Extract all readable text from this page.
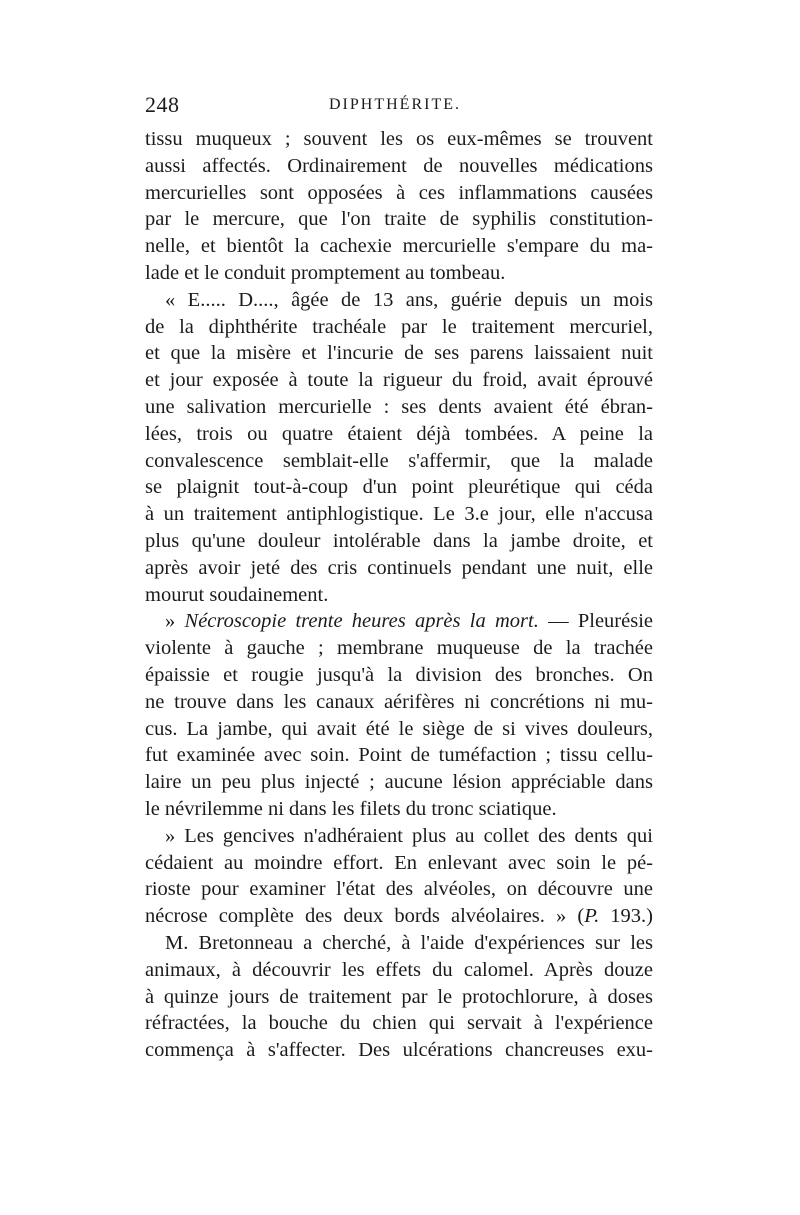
248	DIPHTHÉRITE.
tissu muqueux ; souvent les os eux-mêmes se trouvent
aussi affectés. Ordinairement de nouvelles médications
mercurielles sont opposées à ces inflammations causées
par le mercure, que l'on traite de syphilis constitution-
nelle, et bientôt la cachexie mercurielle s'empare du ma-
lade et le conduit promptement au tombeau.
« E..... D...., âgée de 13 ans, guérie depuis un mois
de la diphthérite trachéale par le traitement mercuriel,
et que la misère et l'incurie de ses parens laissaient nuit
et jour exposée à toute la rigueur du froid, avait éprouvé
une salivation mercurielle : ses dents avaient été ébran-
lées, trois ou quatre étaient déjà tombées. A peine la
convalescence semblait-elle s'affermir, que la malade
se plaignit tout-à-coup d'un point pleurétique qui céda
à un traitement antiphlogistique. Le 3.e jour, elle n'accusa
plus qu'une douleur intolérable dans la jambe droite, et
après avoir jeté des cris continuels pendant une nuit, elle
mourut soudainement.
» Nécroscopie trente heures après la mort. — Pleurésie
violente à gauche ; membrane muqueuse de la trachée
épaissie et rougie jusqu'à la division des bronches. On
ne trouve dans les canaux aérifères ni concrétions ni mu-
cus. La jambe, qui avait été le siège de si vives douleurs,
fut examinée avec soin. Point de tuméfaction ; tissu cellu-
laire un peu plus injecté ; aucune lésion appréciable dans
le névrilemme ni dans les filets du tronc sciatique.
» Les gencives n'adhéraient plus au collet des dents qui
cédaient au moindre effort. En enlevant avec soin le pé-
rioste pour examiner l'état des alvéoles, on découvre une
nécrose complète des deux bords alvéolaires. » (P. 193.)
M. Bretonneau a cherché, à l'aide d'expériences sur les
animaux, à découvrir les effets du calomel. Après douze
à quinze jours de traitement par le protochlorure, à doses
réfractées, la bouche du chien qui servait à l'expérience
commença à s'affecter. Des ulcérations chancreuses exu-
